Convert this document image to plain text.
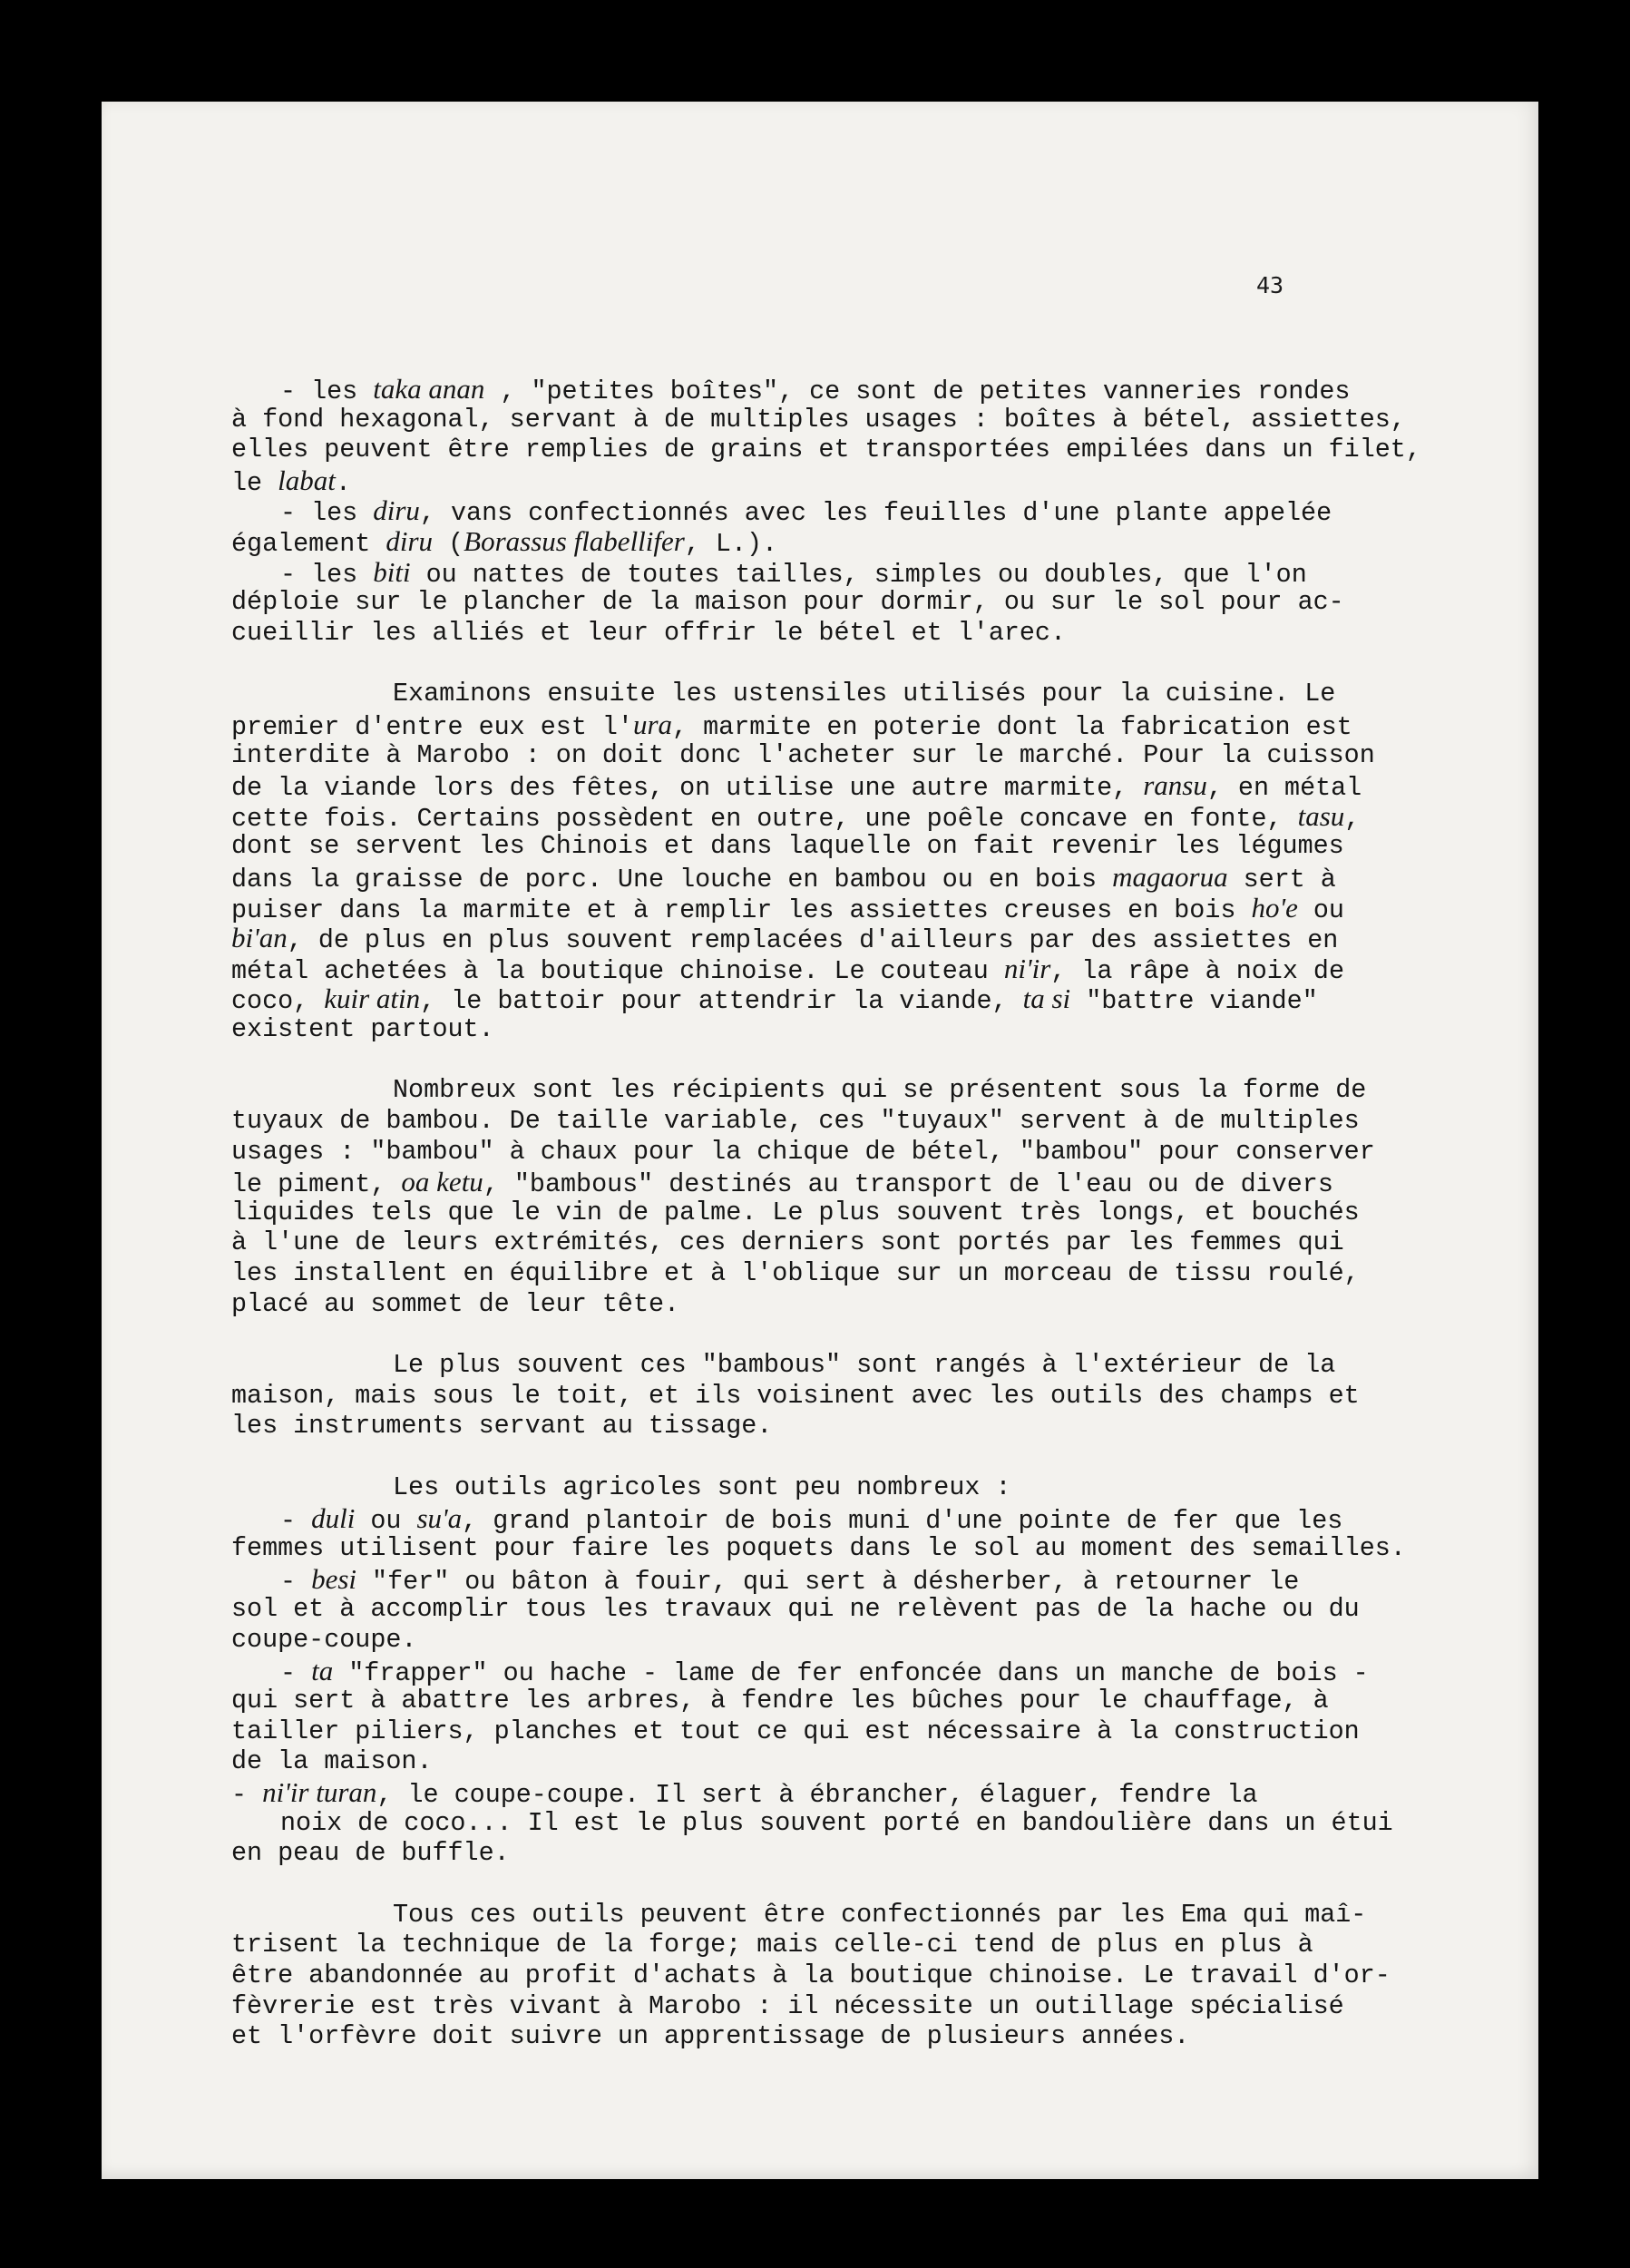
43
- les taka anan , "petites boîtes", ce sont de petites vanneries rondes
à fond hexagonal, servant à de multiples usages : boîtes à bétel, assiettes,
elles peuvent être remplies de grains et transportées empilées dans un filet,
le labat.
- les diru, vans confectionnés avec les feuilles d'une plante appelée
également diru (Borassus flabellifer, L.).
- les biti ou nattes de toutes tailles, simples ou doubles, que l'on
déploie sur le plancher de la maison pour dormir, ou sur le sol pour ac-
cueillir les alliés et leur offrir le bétel et l'arec.
Examinons ensuite les ustensiles utilisés pour la cuisine. Le
premier d'entre eux est l'ura, marmite en poterie dont la fabrication est
interdite à Marobo : on doit donc l'acheter sur le marché. Pour la cuisson
de la viande lors des fêtes, on utilise une autre marmite, ransu, en métal
cette fois. Certains possèdent en outre, une poêle concave en fonte, tasu,
dont se servent les Chinois et dans laquelle on fait revenir les légumes
dans la graisse de porc. Une louche en bambou ou en bois magaorua sert à
puiser dans la marmite et à remplir les assiettes creuses en bois ho'e ou
bi'an, de plus en plus souvent remplacées d'ailleurs par des assiettes en
métal achetées à la boutique chinoise. Le couteau ni'ir, la râpe à noix de
coco, kuir atin, le battoir pour attendrir la viande, ta si "battre viande"
existent partout.
Nombreux sont les récipients qui se présentent sous la forme de
tuyaux de bambou. De taille variable, ces "tuyaux" servent à de multiples
usages : "bambou" à chaux pour la chique de bétel, "bambou" pour conserver
le piment, oa ketu, "bambous" destinés au transport de l'eau ou de divers
liquides tels que le vin de palme. Le plus souvent très longs, et bouchés
à l'une de leurs extrémités, ces derniers sont portés par les femmes qui
les installent en équilibre et à l'oblique sur un morceau de tissu roulé,
placé au sommet de leur tête.
Le plus souvent ces "bambous" sont rangés à l'extérieur de la
maison, mais sous le toit, et ils voisinent avec les outils des champs et
les instruments servant au tissage.
Les outils agricoles sont peu nombreux :
- duli ou su'a, grand plantoir de bois muni d'une pointe de fer que les
femmes utilisent pour faire les poquets dans le sol au moment des semailles.
- besi "fer" ou bâton à fouir, qui sert à désherber, à retourner le
sol et à accomplir tous les travaux qui ne relèvent pas de la hache ou du
coupe-coupe.
- ta "frapper" ou hache - lame de fer enfoncée dans un manche de bois -
qui sert à abattre les arbres, à fendre les bûches pour le chauffage, à
tailler piliers, planches et tout ce qui est nécessaire à la construction
de la maison.
- ni'ir turan, le coupe-coupe. Il sert à ébrancher, élaguer, fendre la
noix de coco... Il est le plus souvent porté en bandoulière dans un étui
en peau de buffle.
Tous ces outils peuvent être confectionnés par les Ema qui maî-
trisent la technique de la forge; mais celle-ci tend de plus en plus à
être abandonnée au profit d'achats à la boutique chinoise. Le travail d'or-
fèvrerie est très vivant à Marobo : il nécessite un outillage spécialisé
et l'orfèvre doit suivre un apprentissage de plusieurs années.
